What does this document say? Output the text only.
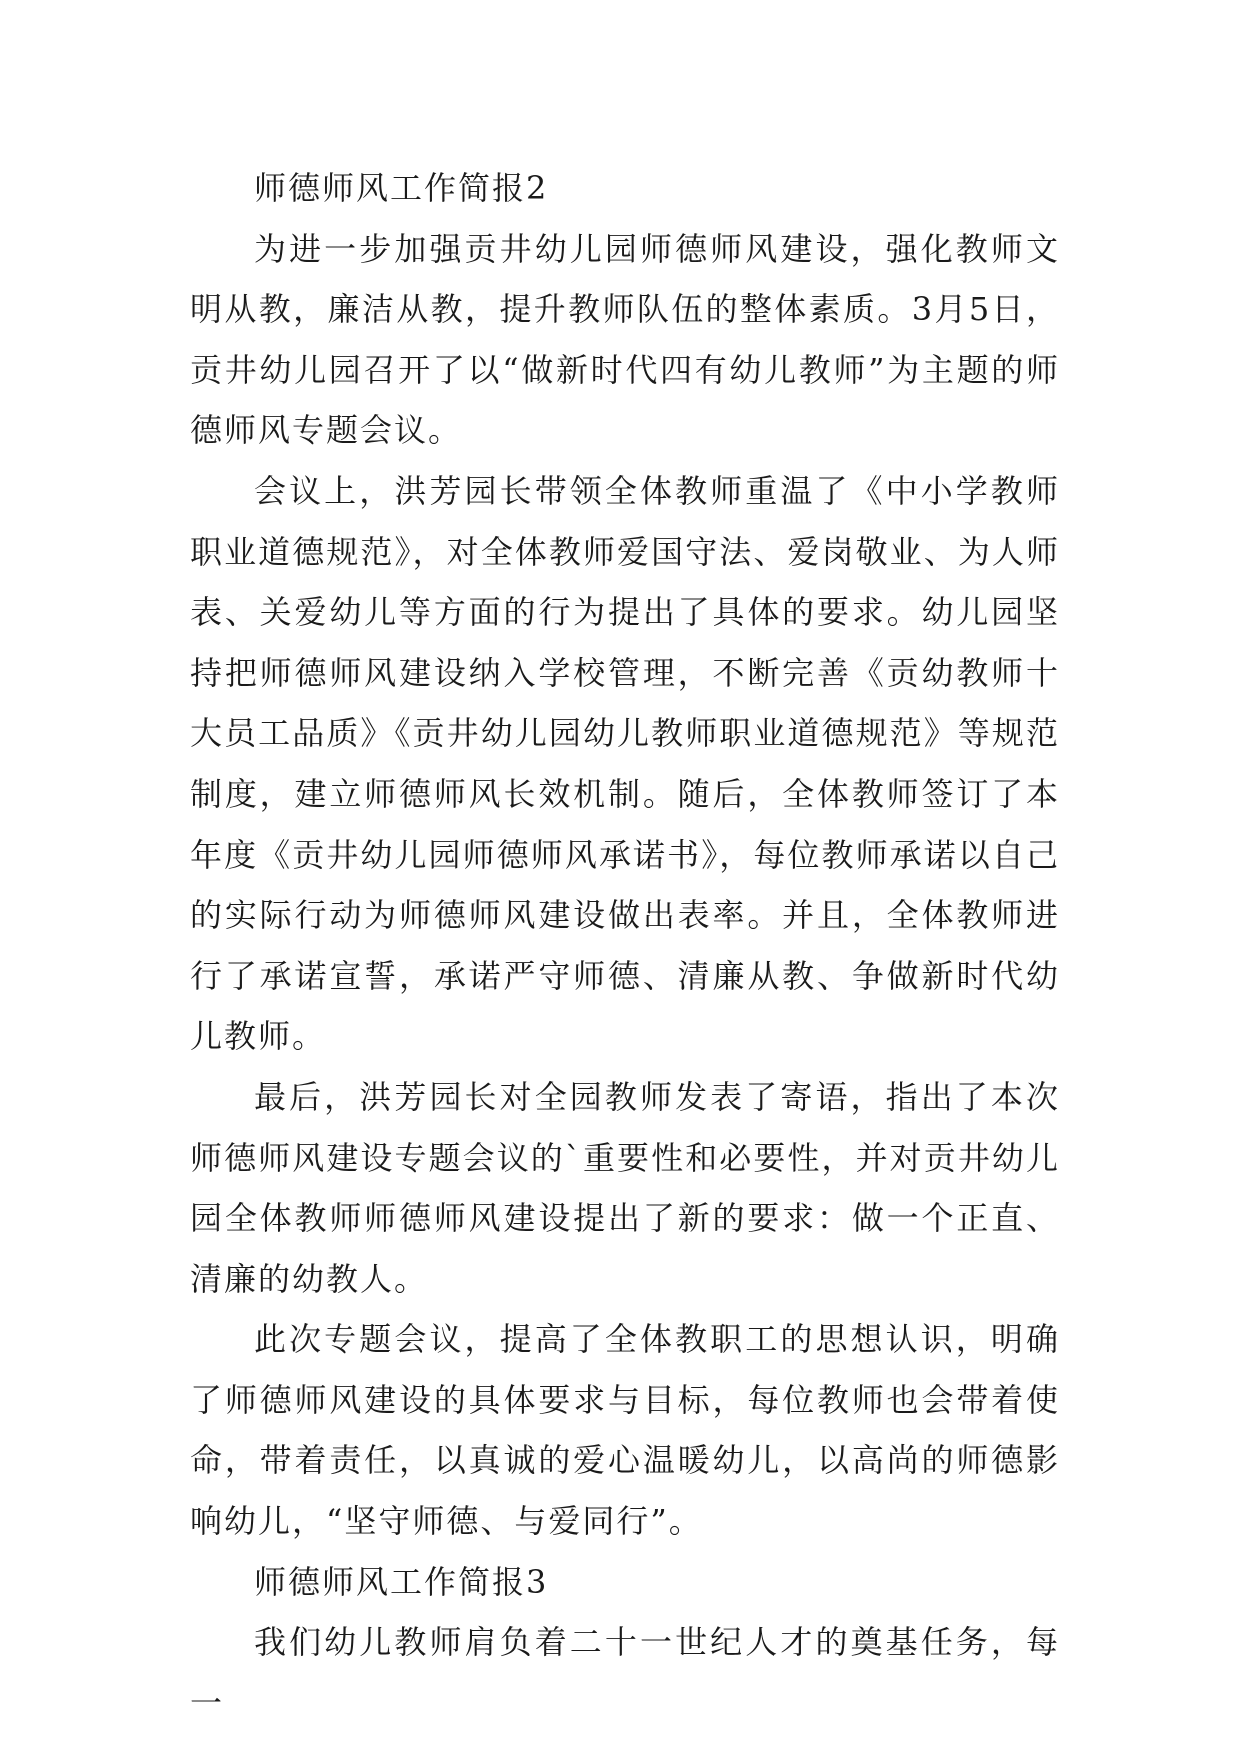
师德师风工作简报2

为进一步加强贡井幼儿园师德师风建设，强化教师文明从教，廉洁从教，提升教师队伍的整体素质。3月5日，贡井幼儿园召开了以“做新时代四有幼儿教师”为主题的师德师风专题会议。

会议上，洪芳园长带领全体教师重温了《中小学教师职业道德规范》，对全体教师爱国守法、爱岗敬业、为人师表、关爱幼儿等方面的行为提出了具体的要求。幼儿园坚持把师德师风建设纳入学校管理，不断完善《贡幼教师十大员工品质》《贡井幼儿园幼儿教师职业道德规范》等规范制度，建立师德师风长效机制。随后，全体教师签订了本年度《贡井幼儿园师德师风承诺书》，每位教师承诺以自己的实际行动为师德师风建设做出表率。并且，全体教师进行了承诺宣誓，承诺严守师德、清廉从教、争做新时代幼儿教师。

最后，洪芳园长对全园教师发表了寄语，指出了本次师德师风建设专题会议的`重要性和必要性，并对贡井幼儿园全体教师师德师风建设提出了新的要求：做一个正直、清廉的幼教人。

此次专题会议，提高了全体教职工的思想认识，明确了师德师风建设的具体要求与目标，每位教师也会带着使命，带着责任，以真诚的爱心温暖幼儿，以高尚的师德影响幼儿，“坚守师德、与爱同行”。

师德师风工作简报3

我们幼儿教师肩负着二十一世纪人才的奠基任务，每一
